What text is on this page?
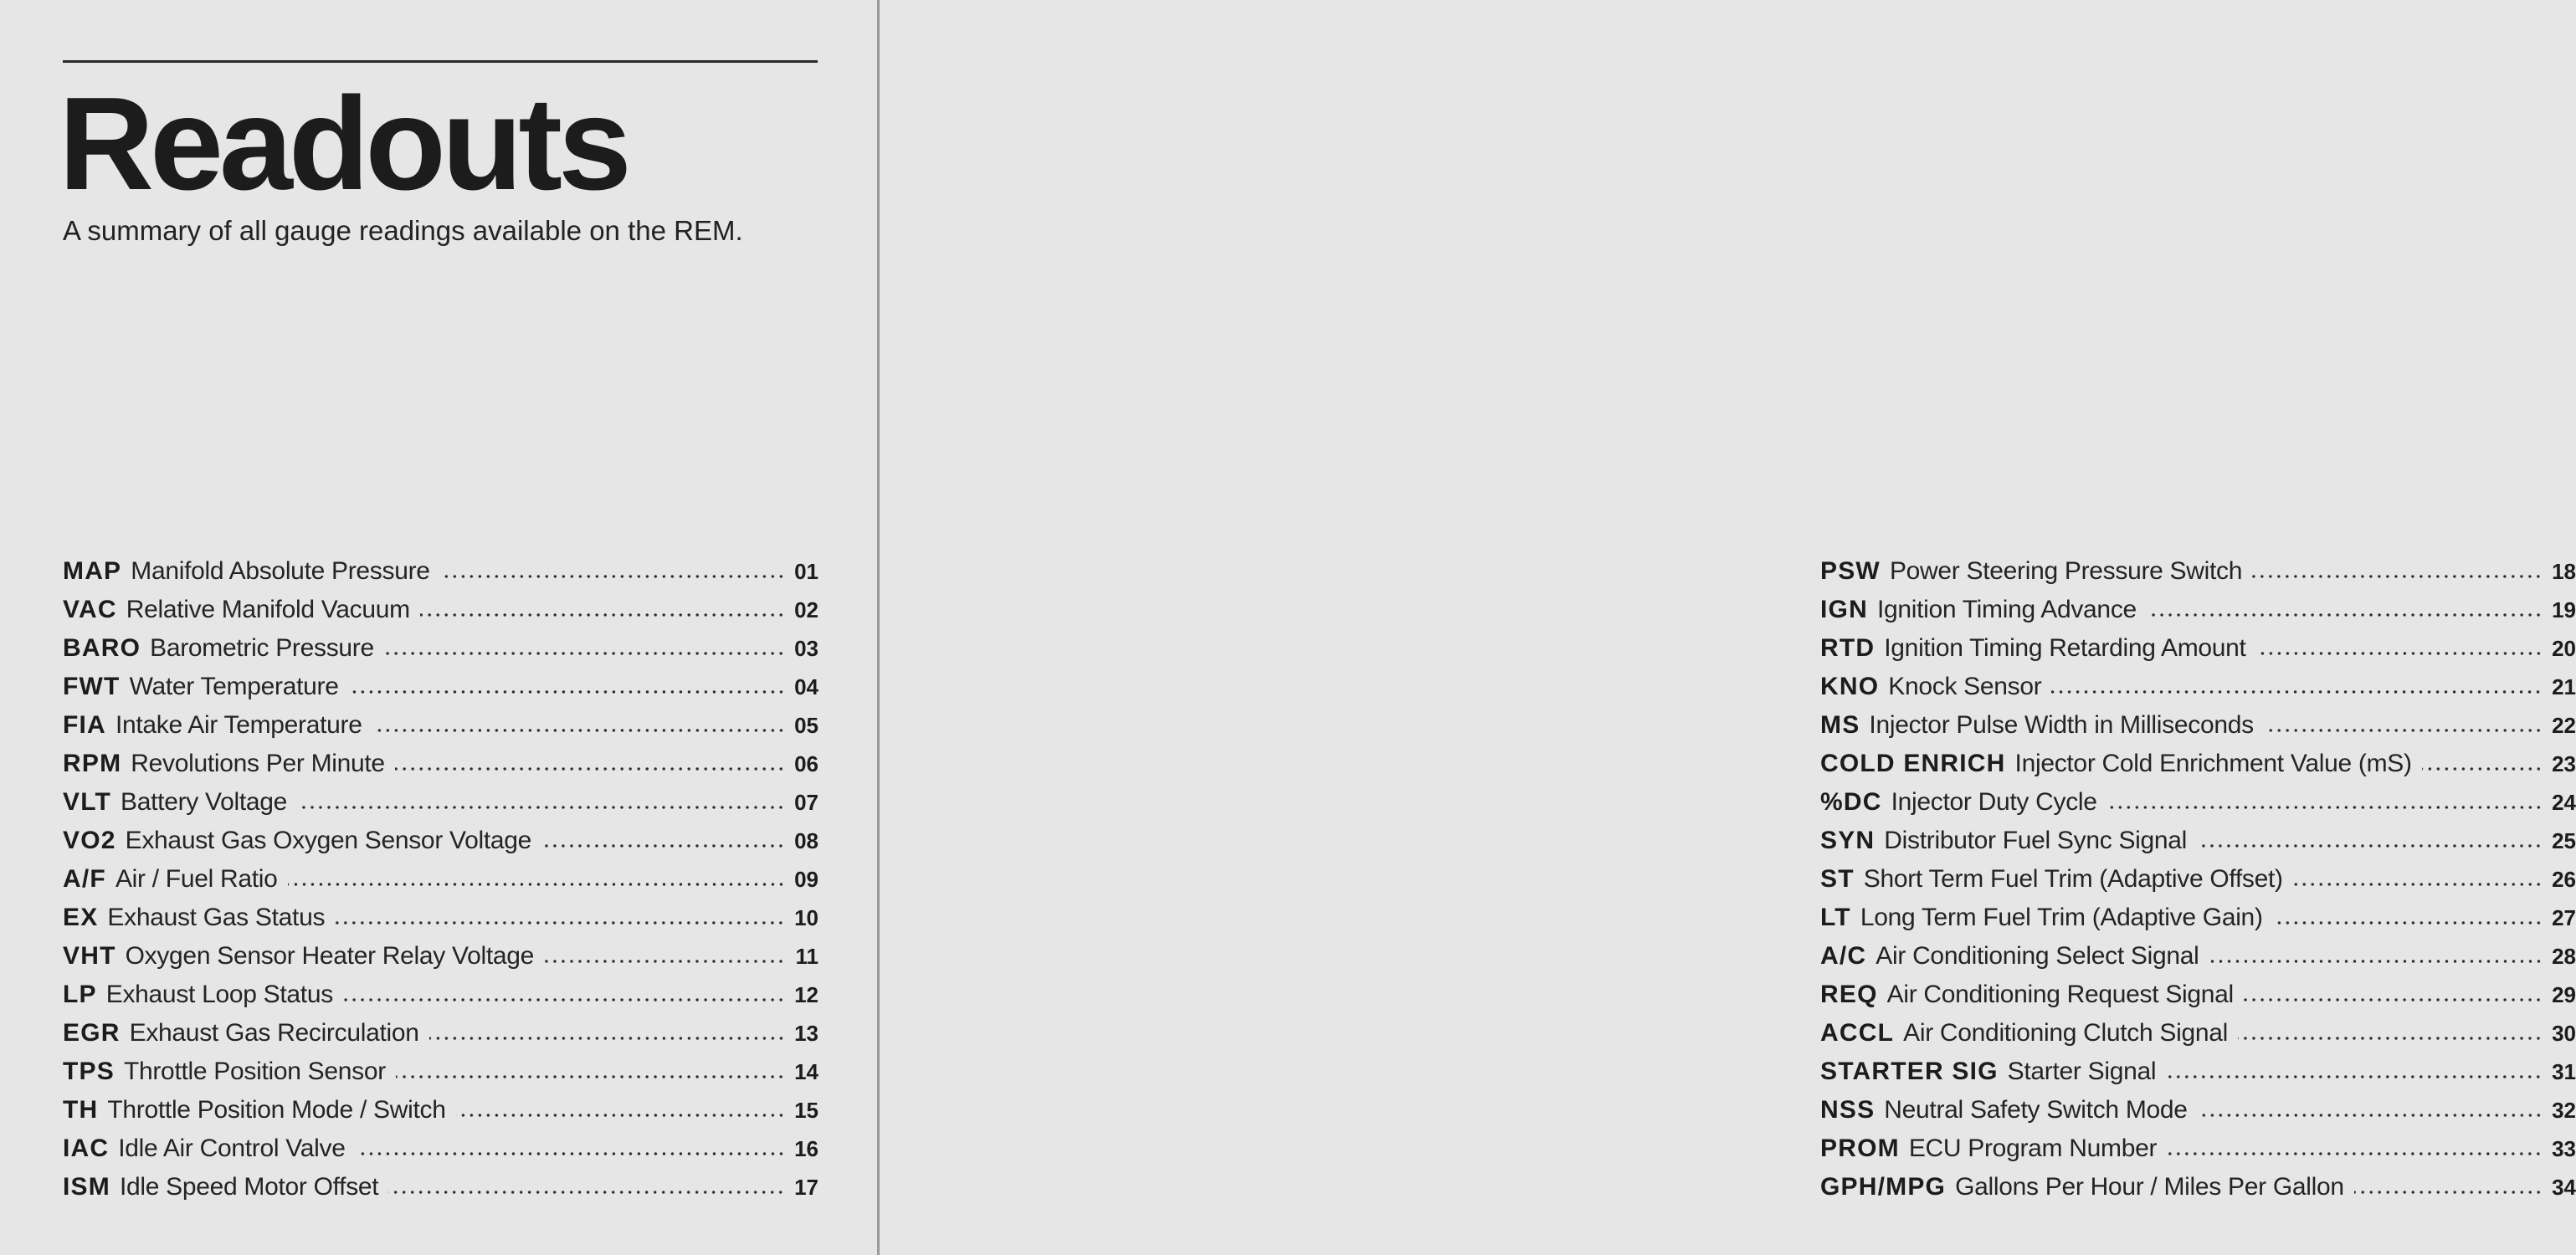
Readouts

A summary of all gauge readings available on the REM.

MAP Manifold Absolute Pressure	01
VAC Relative Manifold Vacuum	02
BARO Barometric Pressure	03
FWT Water Temperature	04
FIA Intake Air Temperature	05
RPM Revolutions Per Minute	06
VLT Battery Voltage	07
VO2 Exhaust Gas Oxygen Sensor Voltage	08
A/F Air / Fuel Ratio	09
EX Exhaust Gas Status	10
VHT Oxygen Sensor Heater Relay Voltage	11
LP Exhaust Loop Status	12
EGR Exhaust Gas Recirculation	13
TPS Throttle Position Sensor	14
TH Throttle Position Mode / Switch	15
IAC Idle Air Control Valve	16
ISM Idle Speed Motor Offset	17
PSW Power Steering Pressure Switch	18
IGN Ignition Timing Advance	19
RTD Ignition Timing Retarding Amount	20
KNO Knock Sensor	21
MS Injector Pulse Width in Milliseconds	22
COLD ENRICH Injector Cold Enrichment Value (mS)	23
%DC Injector Duty Cycle	24
SYN Distributor Fuel Sync Signal	25
ST Short Term Fuel Trim (Adaptive Offset)	26
LT Long Term Fuel Trim (Adaptive Gain)	27
A/C Air Conditioning Select Signal	28
REQ Air Conditioning Request Signal	29
ACCL Air Conditioning Clutch Signal	30
STARTER SIG Starter Signal	31
NSS Neutral Safety Switch Mode	32
PROM ECU Program Number	33
GPH/MPG Gallons Per Hour / Miles Per Gallon	34
